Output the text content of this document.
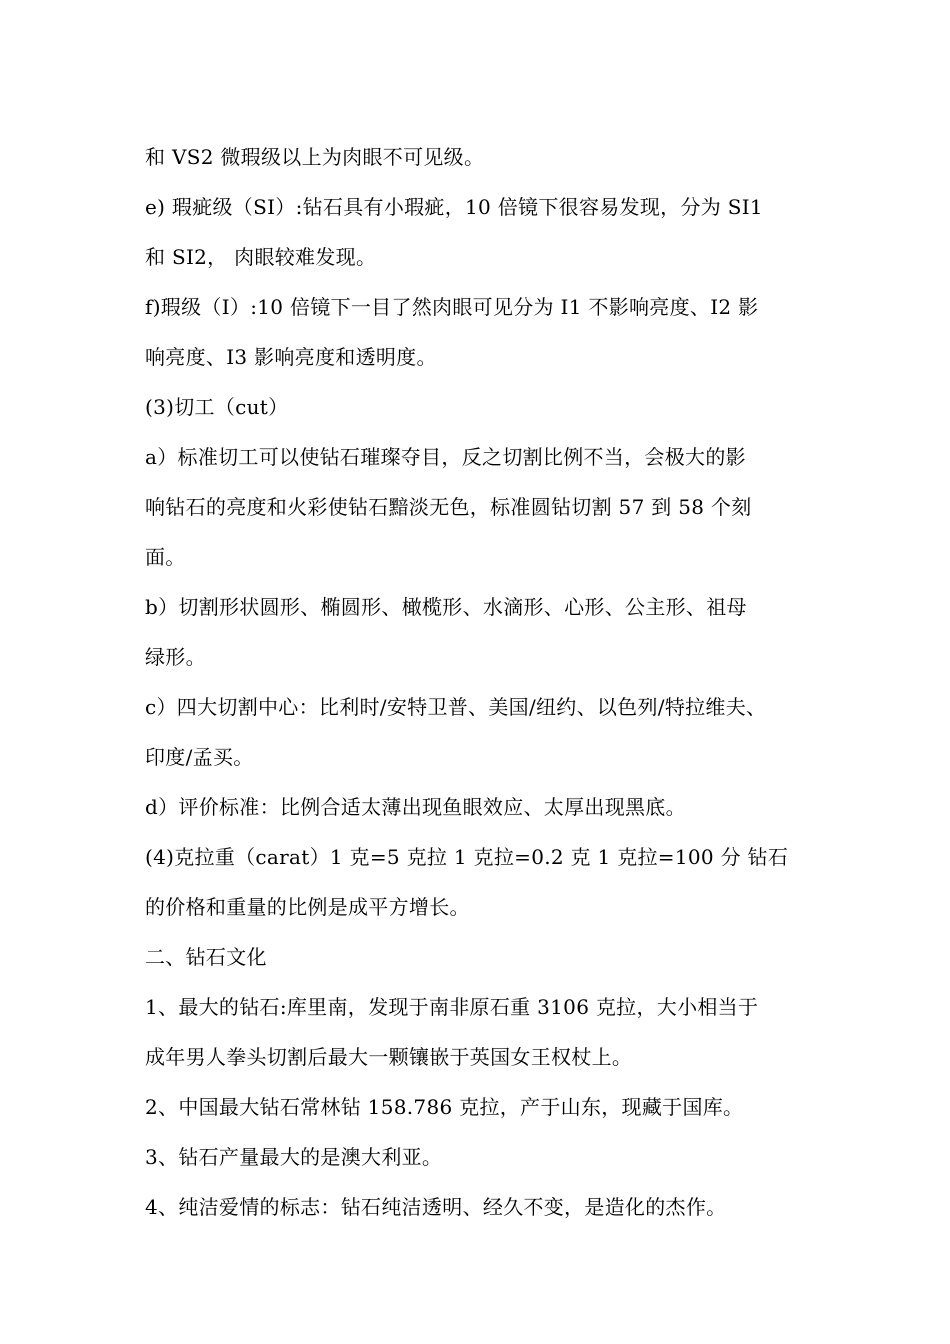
和 VS2 微瑕级以上为肉眼不可见级。
e) 瑕疵级（SI）:钻石具有小瑕疵，10 倍镜下很容易发现，分为 SI1
和 SI2， 肉眼较难发现。
f)瑕级（I）:10 倍镜下一目了然肉眼可见分为 I1 不影响亮度、I2 影
响亮度、I3 影响亮度和透明度。
(3)切工（cut）
a）标准切工可以使钻石璀璨夺目，反之切割比例不当，会极大的影
响钻石的亮度和火彩使钻石黯淡无色，标准圆钻切割 57 到 58 个刻
面。
b）切割形状圆形、椭圆形、橄榄形、水滴形、心形、公主形、祖母
绿形。
c）四大切割中心：比利时/安特卫普、美国/纽约、以色列/特拉维夫、
印度/孟买。
d）评价标准：比例合适太薄出现鱼眼效应、太厚出现黑底。
(4)克拉重（carat）1 克=5 克拉 1 克拉=0.2 克 1 克拉=100 分 钻石
的价格和重量的比例是成平方增长。
二、钻石文化
1、最大的钻石:库里南，发现于南非原石重 3106 克拉，大小相当于
成年男人拳头切割后最大一颗镶嵌于英国女王权杖上。
2、中国最大钻石常林钻 158.786 克拉，产于山东，现藏于国库。
3、钻石产量最大的是澳大利亚。
4、纯洁爱情的标志：钻石纯洁透明、经久不变，是造化的杰作。
